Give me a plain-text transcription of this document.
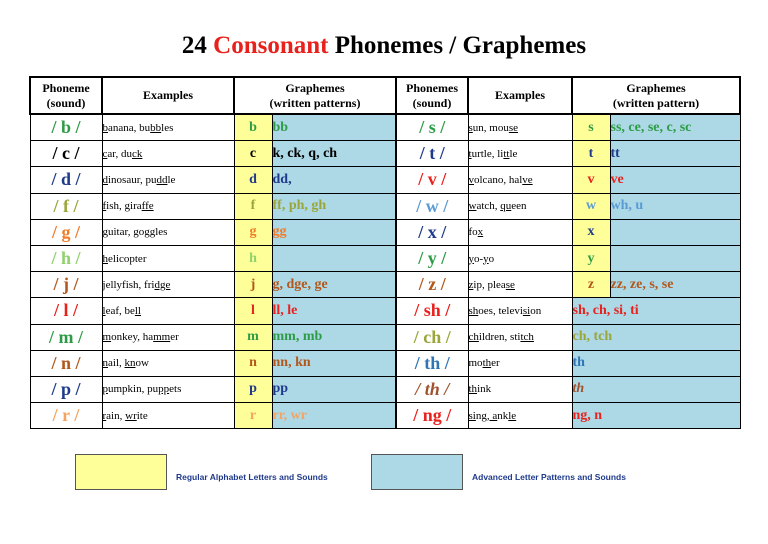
24 Consonant Phonemes / Graphemes
Phoneme
(sound)	Examples	Graphemes
(written patterns)		Phonemes
(sound)	Examples	Graphemes
(written pattern)	
/ b /	banana, bubbles	b	bb	/ s /	sun, mouse	s	ss, ce, se, c, sc
/ c /	car, duck	c	k, ck, q, ch	/ t /	turtle, little	t	tt
/ d /	dinosaur, puddle	d	dd,	/ v /	volcano, halve	v	ve
/ f /	fish, giraffe	f	ff, ph, gh	/ w /	watch, queen	w	wh, u
/ g /	guitar, goggles	g	gg	/ x /	fox	x	
/ h /	helicopter	h		/ y /	yo-yo	y	
/ j /	jellyfish, fridge	j	g, dge, ge	/ z /	zip, please	z	zz, ze, s, se
/ l /	leaf, bell	l	ll, le	/ sh /	shoes, television	sh, ch, si, ti	
/ m /	monkey, hammer	m	mm, mb	/ ch /	children, stitch	ch, tch	
/ n /	nail, know	n	nn, kn	/ th /	mother	th	
/ p /	pumpkin, puppets	p	pp	/ th /	think	th	
/ r /	rain, write	r	rr, wr	/ ng /	sing, ankle	ng, n	
Regular Alphabet Letters and Sounds	Advanced Letter Patterns and Sounds
